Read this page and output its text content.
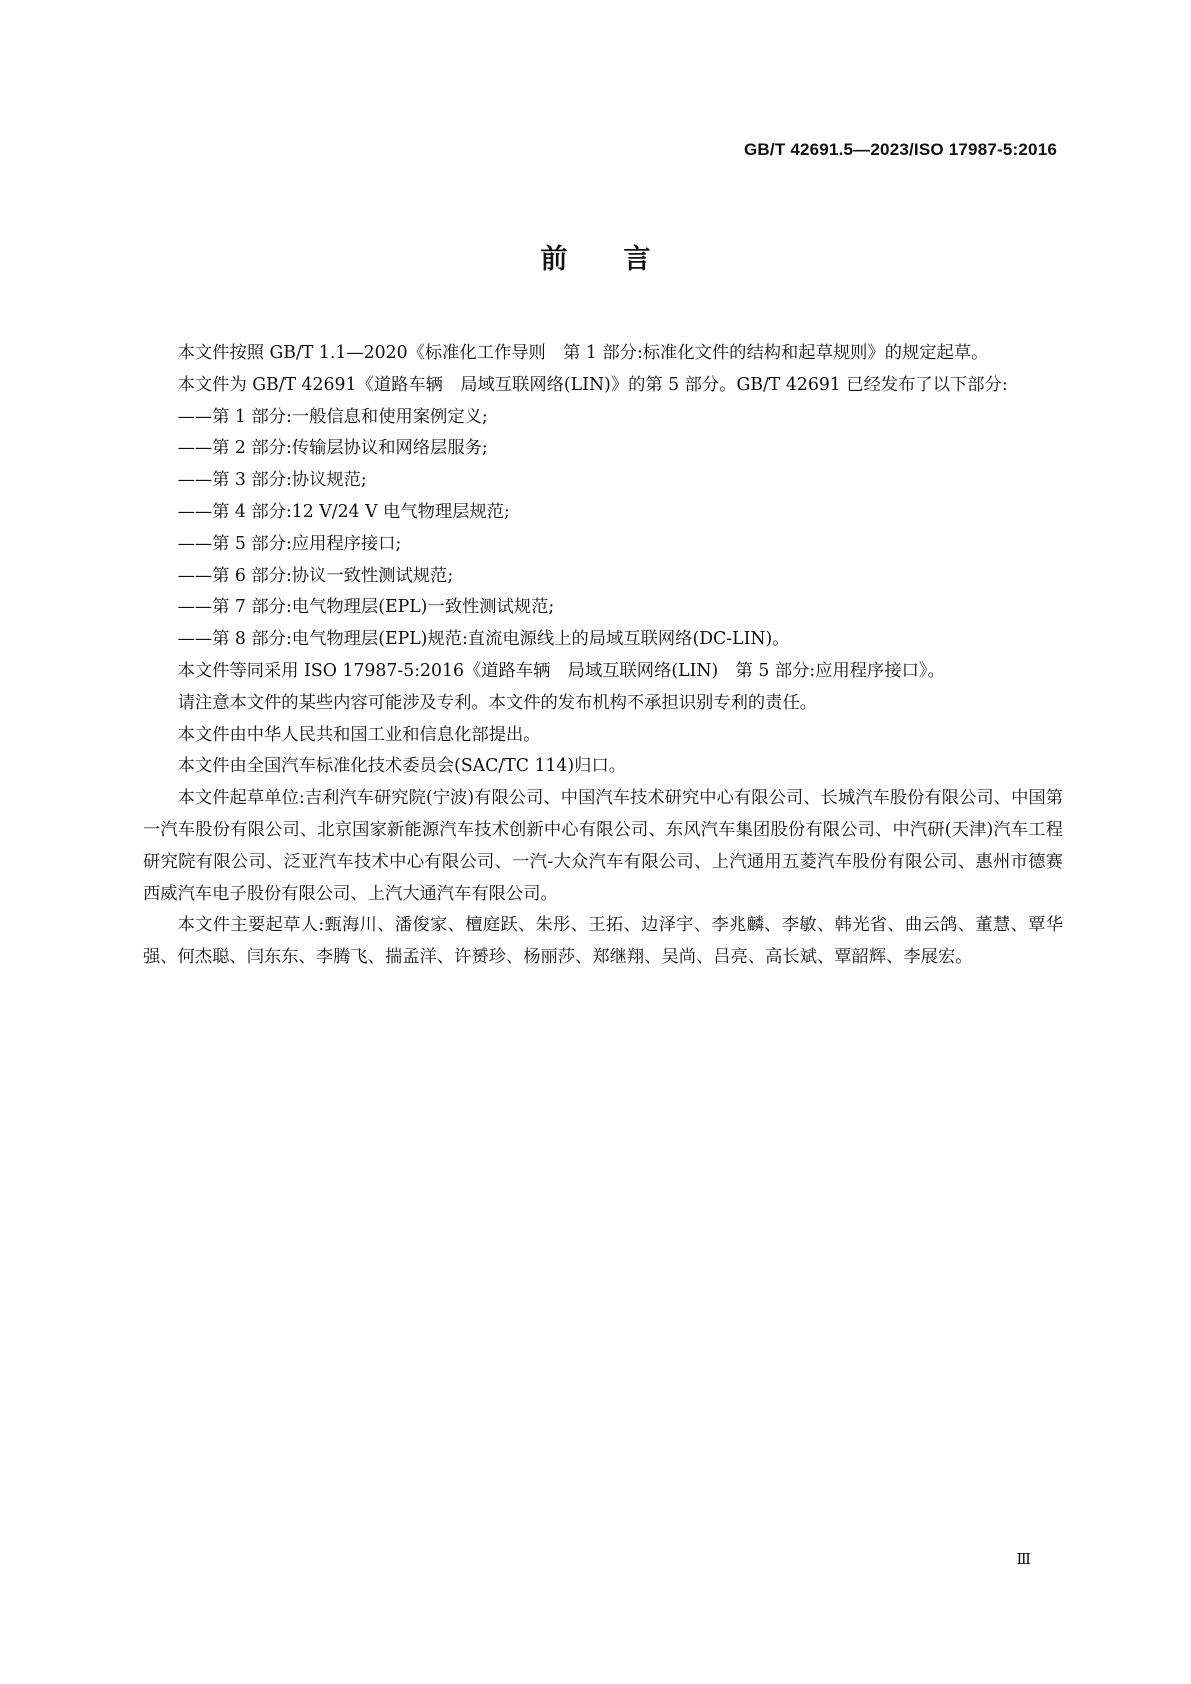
GB/T 42691.5—2023/ISO 17987-5:2016
前言

本文件按照 GB/T 1.1—2020《标准化工作导则　第 1 部分:标准化文件的结构和起草规则》的规定起草。

本文件为 GB/T 42691《道路车辆　局域互联网络(LIN)》的第 5 部分。GB/T 42691 已经发布了以下部分:

——第 1 部分:一般信息和使用案例定义;
——第 2 部分:传输层协议和网络层服务;
——第 3 部分:协议规范;
——第 4 部分:12 V/24 V 电气物理层规范;
——第 5 部分:应用程序接口;
——第 6 部分:协议一致性测试规范;
——第 7 部分:电气物理层(EPL)一致性测试规范;
——第 8 部分:电气物理层(EPL)规范:直流电源线上的局域互联网络(DC-LIN)。

本文件等同采用 ISO 17987-5:2016《道路车辆　局域互联网络(LIN)　第 5 部分:应用程序接口》。

请注意本文件的某些内容可能涉及专利。本文件的发布机构不承担识别专利的责任。

本文件由中华人民共和国工业和信息化部提出。

本文件由全国汽车标准化技术委员会(SAC/TC 114)归口。

本文件起草单位:吉利汽车研究院(宁波)有限公司、中国汽车技术研究中心有限公司、长城汽车股份有限公司、中国第一汽车股份有限公司、北京国家新能源汽车技术创新中心有限公司、东风汽车集团股份有限公司、中汽研(天津)汽车工程研究院有限公司、泛亚汽车技术中心有限公司、一汽-大众汽车有限公司、上汽通用五菱汽车股份有限公司、惠州市德赛西威汽车电子股份有限公司、上汽大通汽车有限公司。

本文件主要起草人:甄海川、潘俊家、檀庭跃、朱彤、王拓、边泽宇、李兆麟、李敏、韩光省、曲云鸽、董慧、覃华强、何杰聪、闫东东、李腾飞、揣孟洋、许赟珍、杨丽莎、郑继翔、吴尚、吕亮、高长斌、覃韶辉、李展宏。

Ⅲ
